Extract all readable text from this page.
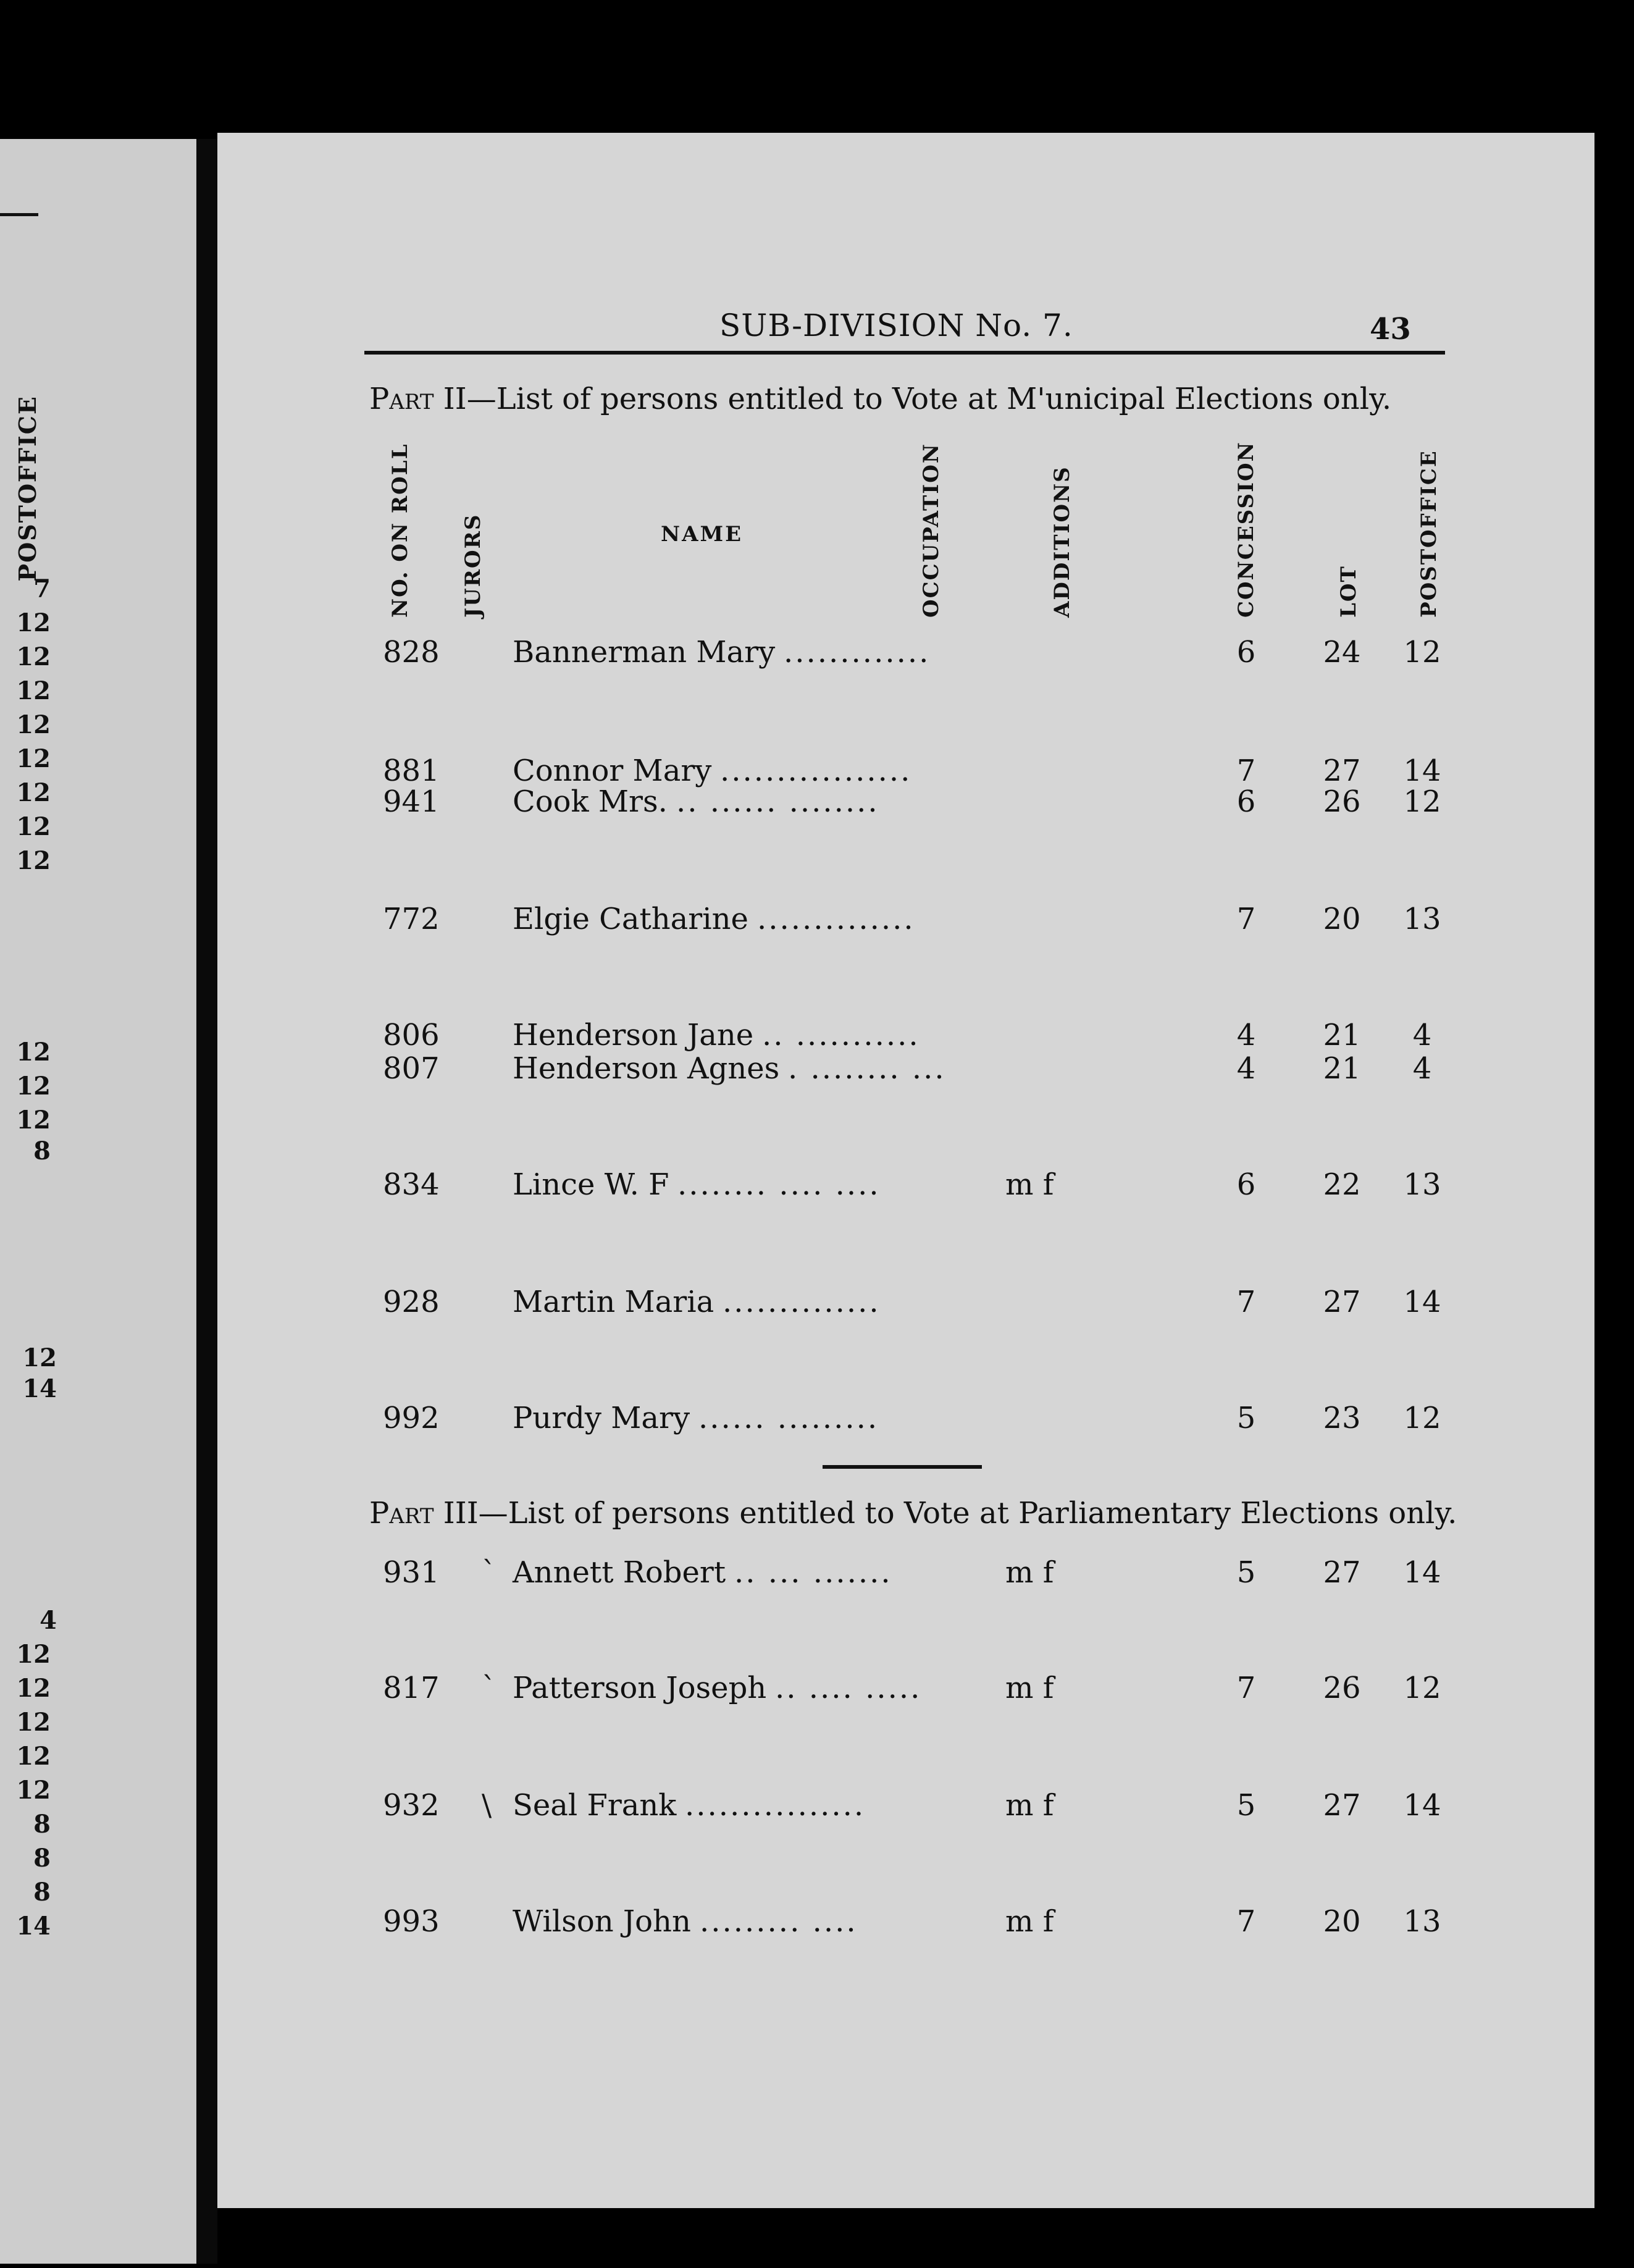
POSTOFFICE
7
12
12
12
12
12
12
12
12
12
12
12
8
12
14
4
12
12
12
12
12
8
8
8
14
SUB-DIVISION No. 7.	43
Part II—List of persons entitled to Vote at M'unicipal Elections only.
NO. ON ROLL JURORS	NAME	OCCUPATION	ADDITIONS	CONCESSION	LOT	POSTOFFICE
828 Bannerman Mary .............	6 24 12
881 Connor Mary .................	7 27 14
941 Cook Mrs. .. ...... ........	6 26 12
772 Elgie Catharine ..............	7 20 13
806 Henderson Jane .. ...........	4 21	4
807 Henderson Agnes . ........ ...	4 21	4
834 Lince W. F ........ .... ....	m f	6 22 13
928 Martin Maria ..............	7 27 14
992 Purdy Mary ...... .........	5 23 12
Part III—List of persons entitled to Vote at Parliamentary Elections only.
931 ˋ Annett Robert .. ... .......	m f	5 27 14
817 ˋ Patterson Joseph .. .... .....	m f	7 26 12
932 \ Seal Frank ................	m f	5 27 14
993 Wilson John ......... ....	m f	7 20 13
